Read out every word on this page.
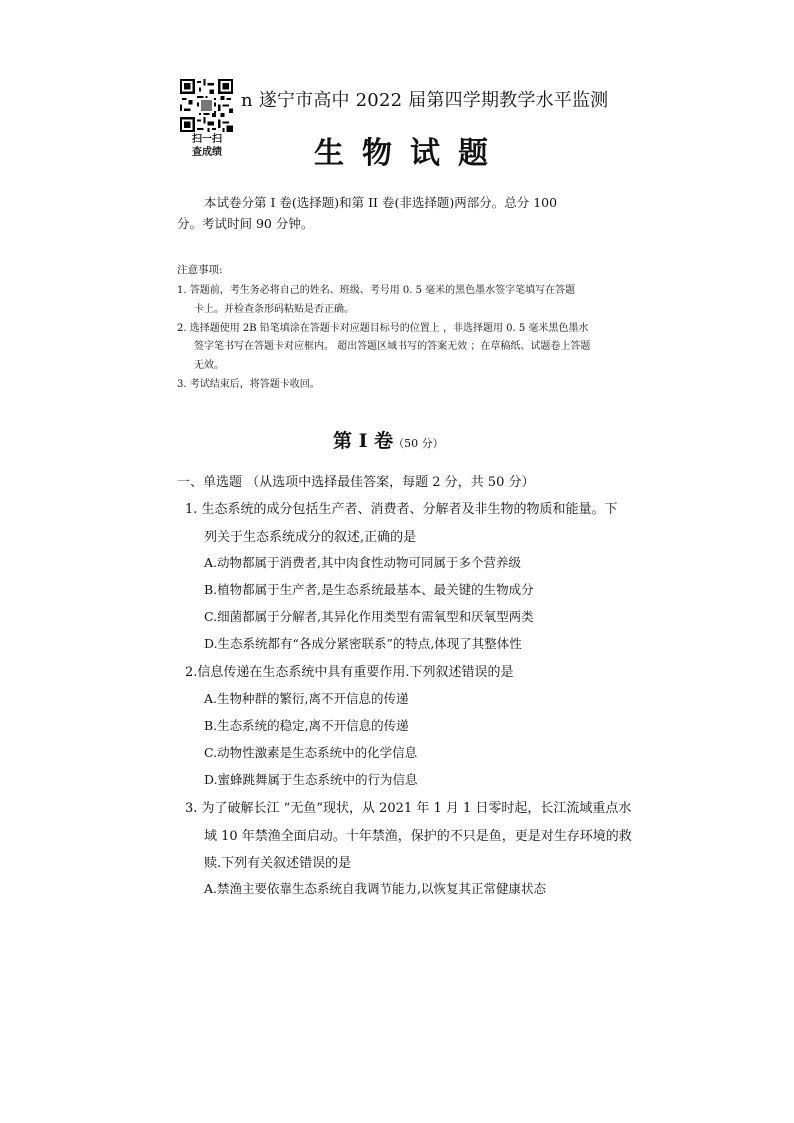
扫一扫
查成绩
n 遂宁市高中 2022 届第四学期教学水平监测
生物试题
本试卷分第 I 卷(选择题)和第 II 卷(非选择题)两部分。总分 100
分。考试时间 90 分钟。
注意事项:
1. 答题前，考生务必将自己的姓名、班级、考号用 0. 5 毫米的黑色墨水签字笔填写在答题
卡上。并检查条形码粘贴是否正确。
2. 选择题使用 2B 铅笔填涂在答题卡对应题目标号的位置上 ，非选择题用 0. 5 毫米黑色墨水
签字笔书写在答题卡对应框内。 超出答题区域书写的答案无效 ；在草稿纸、试题卷上答题
无效。
3. 考试结束后，将答题卡收回。
第 Ⅰ 卷（50 分）
一、单选题 （从选项中选择最佳答案，每题 2 分，共 50 分）
1. 生态系统的成分包括生产者、消费者、分解者及非生物的物质和能量。下
列关于生态系统成分的叙述,正确的是
A.动物都属于消费者,其中肉食性动物可同属于多个营养级
B.植物都属于生产者,是生态系统最基本、最关键的生物成分
C.细菌都属于分解者,其异化作用类型有需氧型和厌氧型两类
D.生态系统都有“各成分紧密联系”的特点,体现了其整体性
2.信息传递在生态系统中具有重要作用.下列叙述错误的是
A.生物种群的繁衍,离不开信息的传递
B.生态系统的稳定,离不开信息的传递
C.动物性激素是生态系统中的化学信息
D.蜜蜂跳舞属于生态系统中的行为信息
3. 为了破解长江 “无鱼”现状，从 2021 年 1 月 1 日零时起，长江流域重点水
域 10 年禁渔全面启动。十年禁渔，保护的不只是鱼，更是对生存环境的救
赎.下列有关叙述错误的是
A.禁渔主要依靠生态系统自我调节能力,以恢复其正常健康状态
